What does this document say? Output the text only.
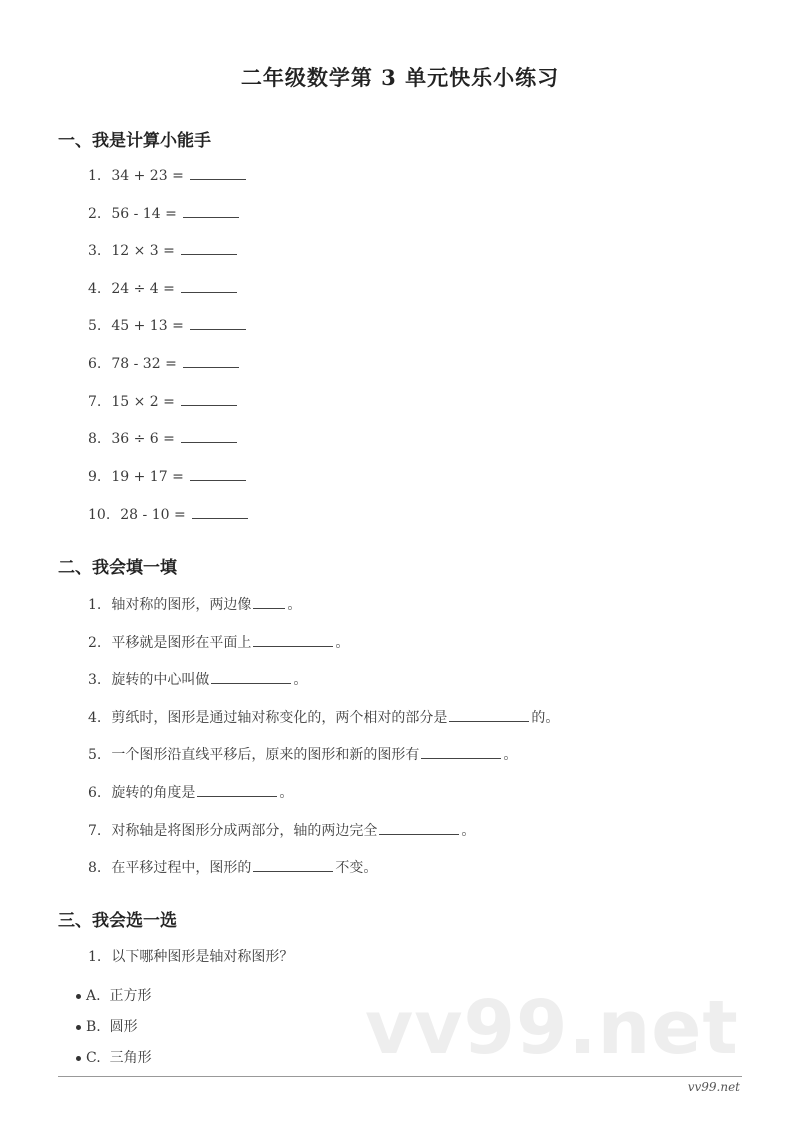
二年级数学第 3 单元快乐小练习
一、我是计算小能手
1. 34 + 23 =
2. 56 - 14 =
3. 12 × 3 =
4. 24 ÷ 4 =
5. 45 + 13 =
6. 78 - 32 =
7. 15 × 2 =
8. 36 ÷ 6 =
9. 19 + 17 =
10. 28 - 10 =
二、我会填一填
1. 轴对称的图形，两边像	。
2. 平移就是图形在平面上	。
3. 旋转的中心叫做	。
4. 剪纸时，图形是通过轴对称变化的，两个相对的部分是	的。
5. 一个图形沿直线平移后，原来的图形和新的图形有	。
6. 旋转的角度是	。
7. 对称轴是将图形分成两部分，轴的两边完全	。
8. 在平移过程中，图形的	不变。
三、我会选一选
1. 以下哪种图形是轴对称图形？
A. 正方形
B. 圆形
C. 三角形	vv99.net
vv99.net
